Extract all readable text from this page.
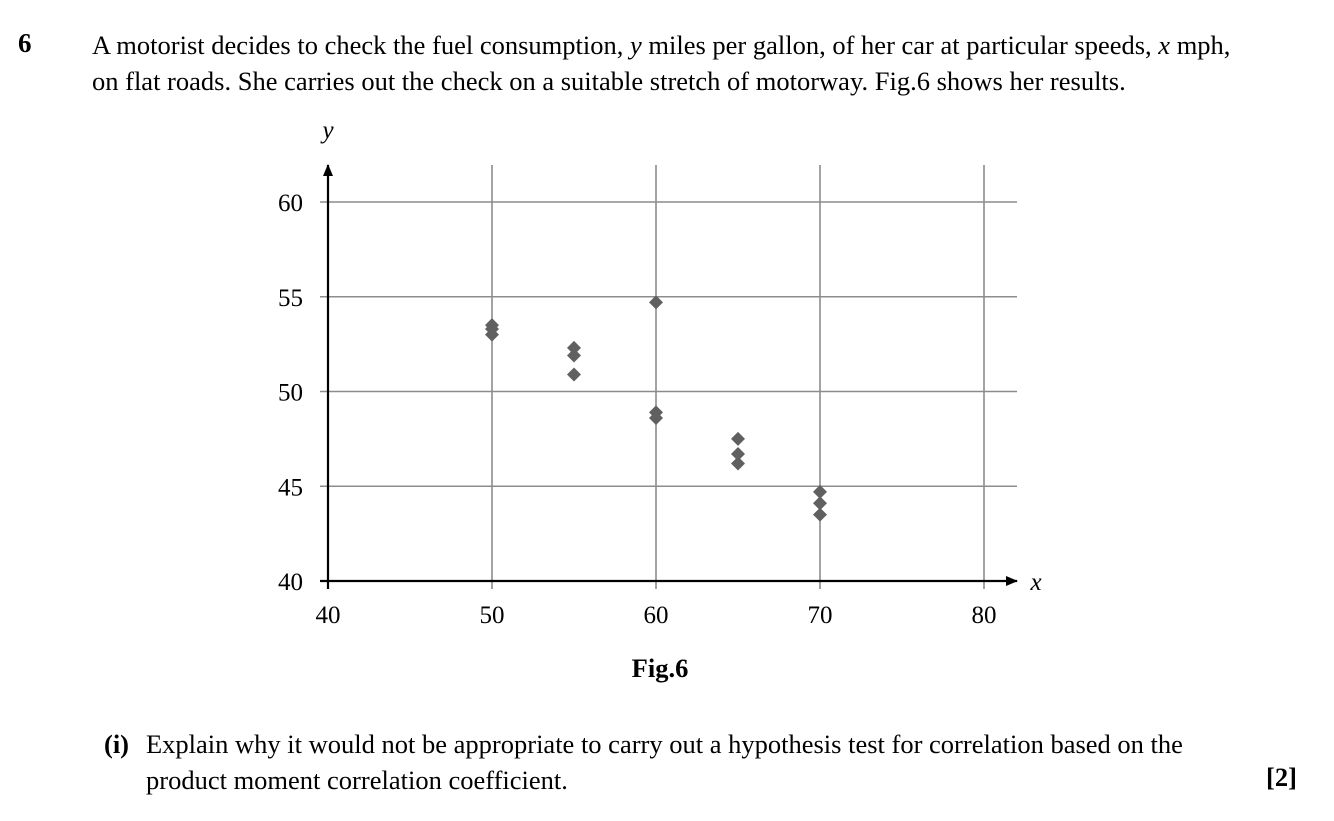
6 A motorist decides to check the fuel consumption, y miles per gallon, of her car at particular speeds, x mph,

on flat roads. She carries out the check on a suitable stretch of motorway. Fig.6 shows her results.

x
y
40
45
50
55
60
40	50	60	70	80
Fig.6
(i) Explain why it would not be appropriate to carry out a hypothesis test for correlation based on the
product moment correlation coefficient.	[2]
